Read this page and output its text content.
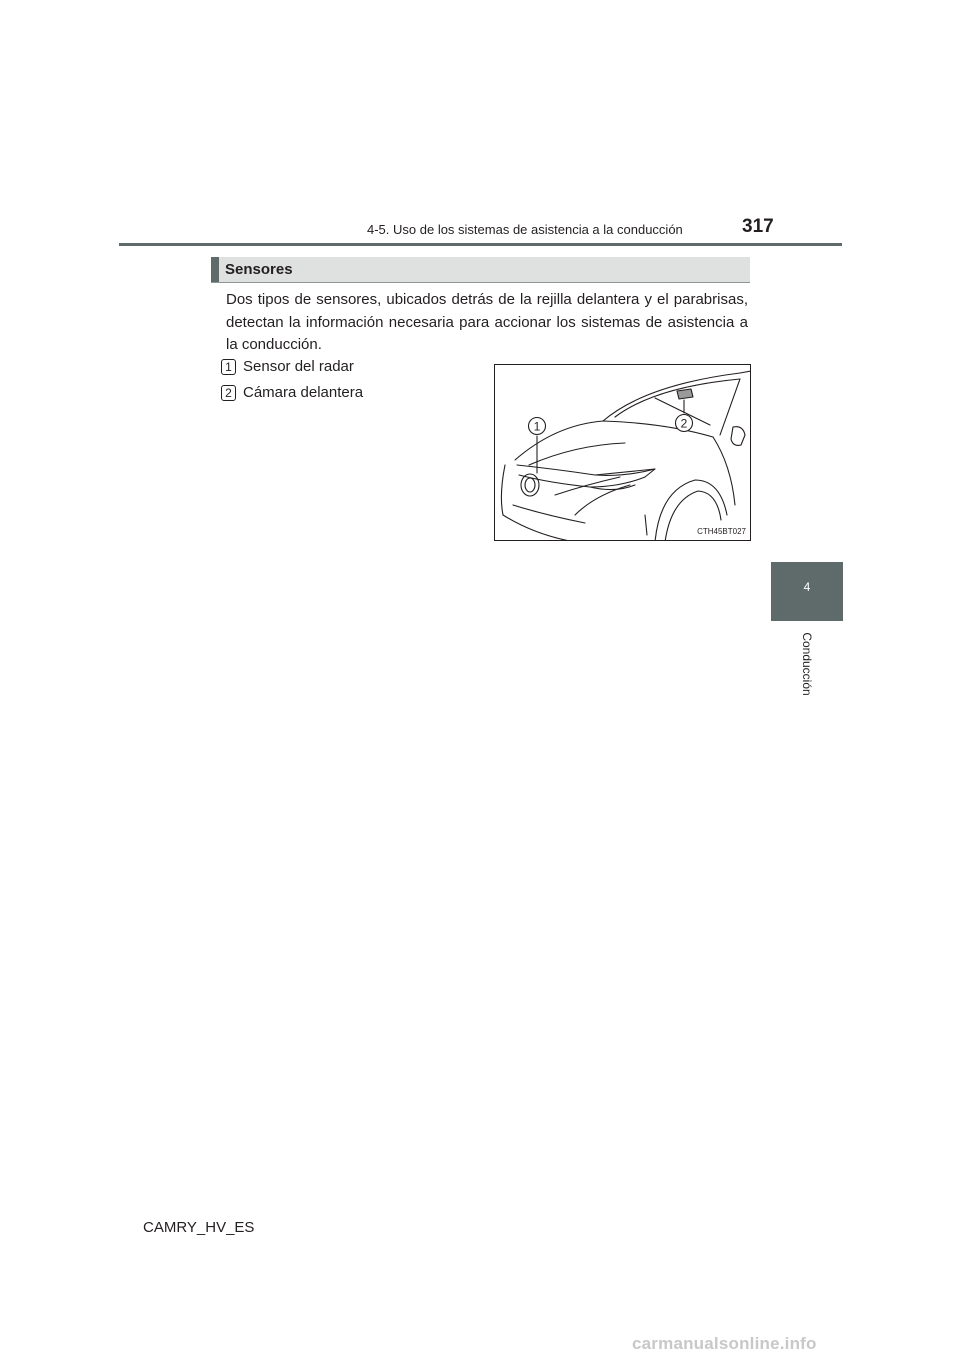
4-5. Uso de los sistemas de asistencia a la conducción	317
4
Conducción
Sensores

Dos tipos de sensores, ubicados detrás de la rejilla delantera y el parabrisas, detectan la información necesaria para accionar los sistemas de asistencia a la conducción.

1 Sensor del radar
2 Cámara delantera
1	2
CTH45BT027
CAMRY_HV_ES
carmanualsonline.info
